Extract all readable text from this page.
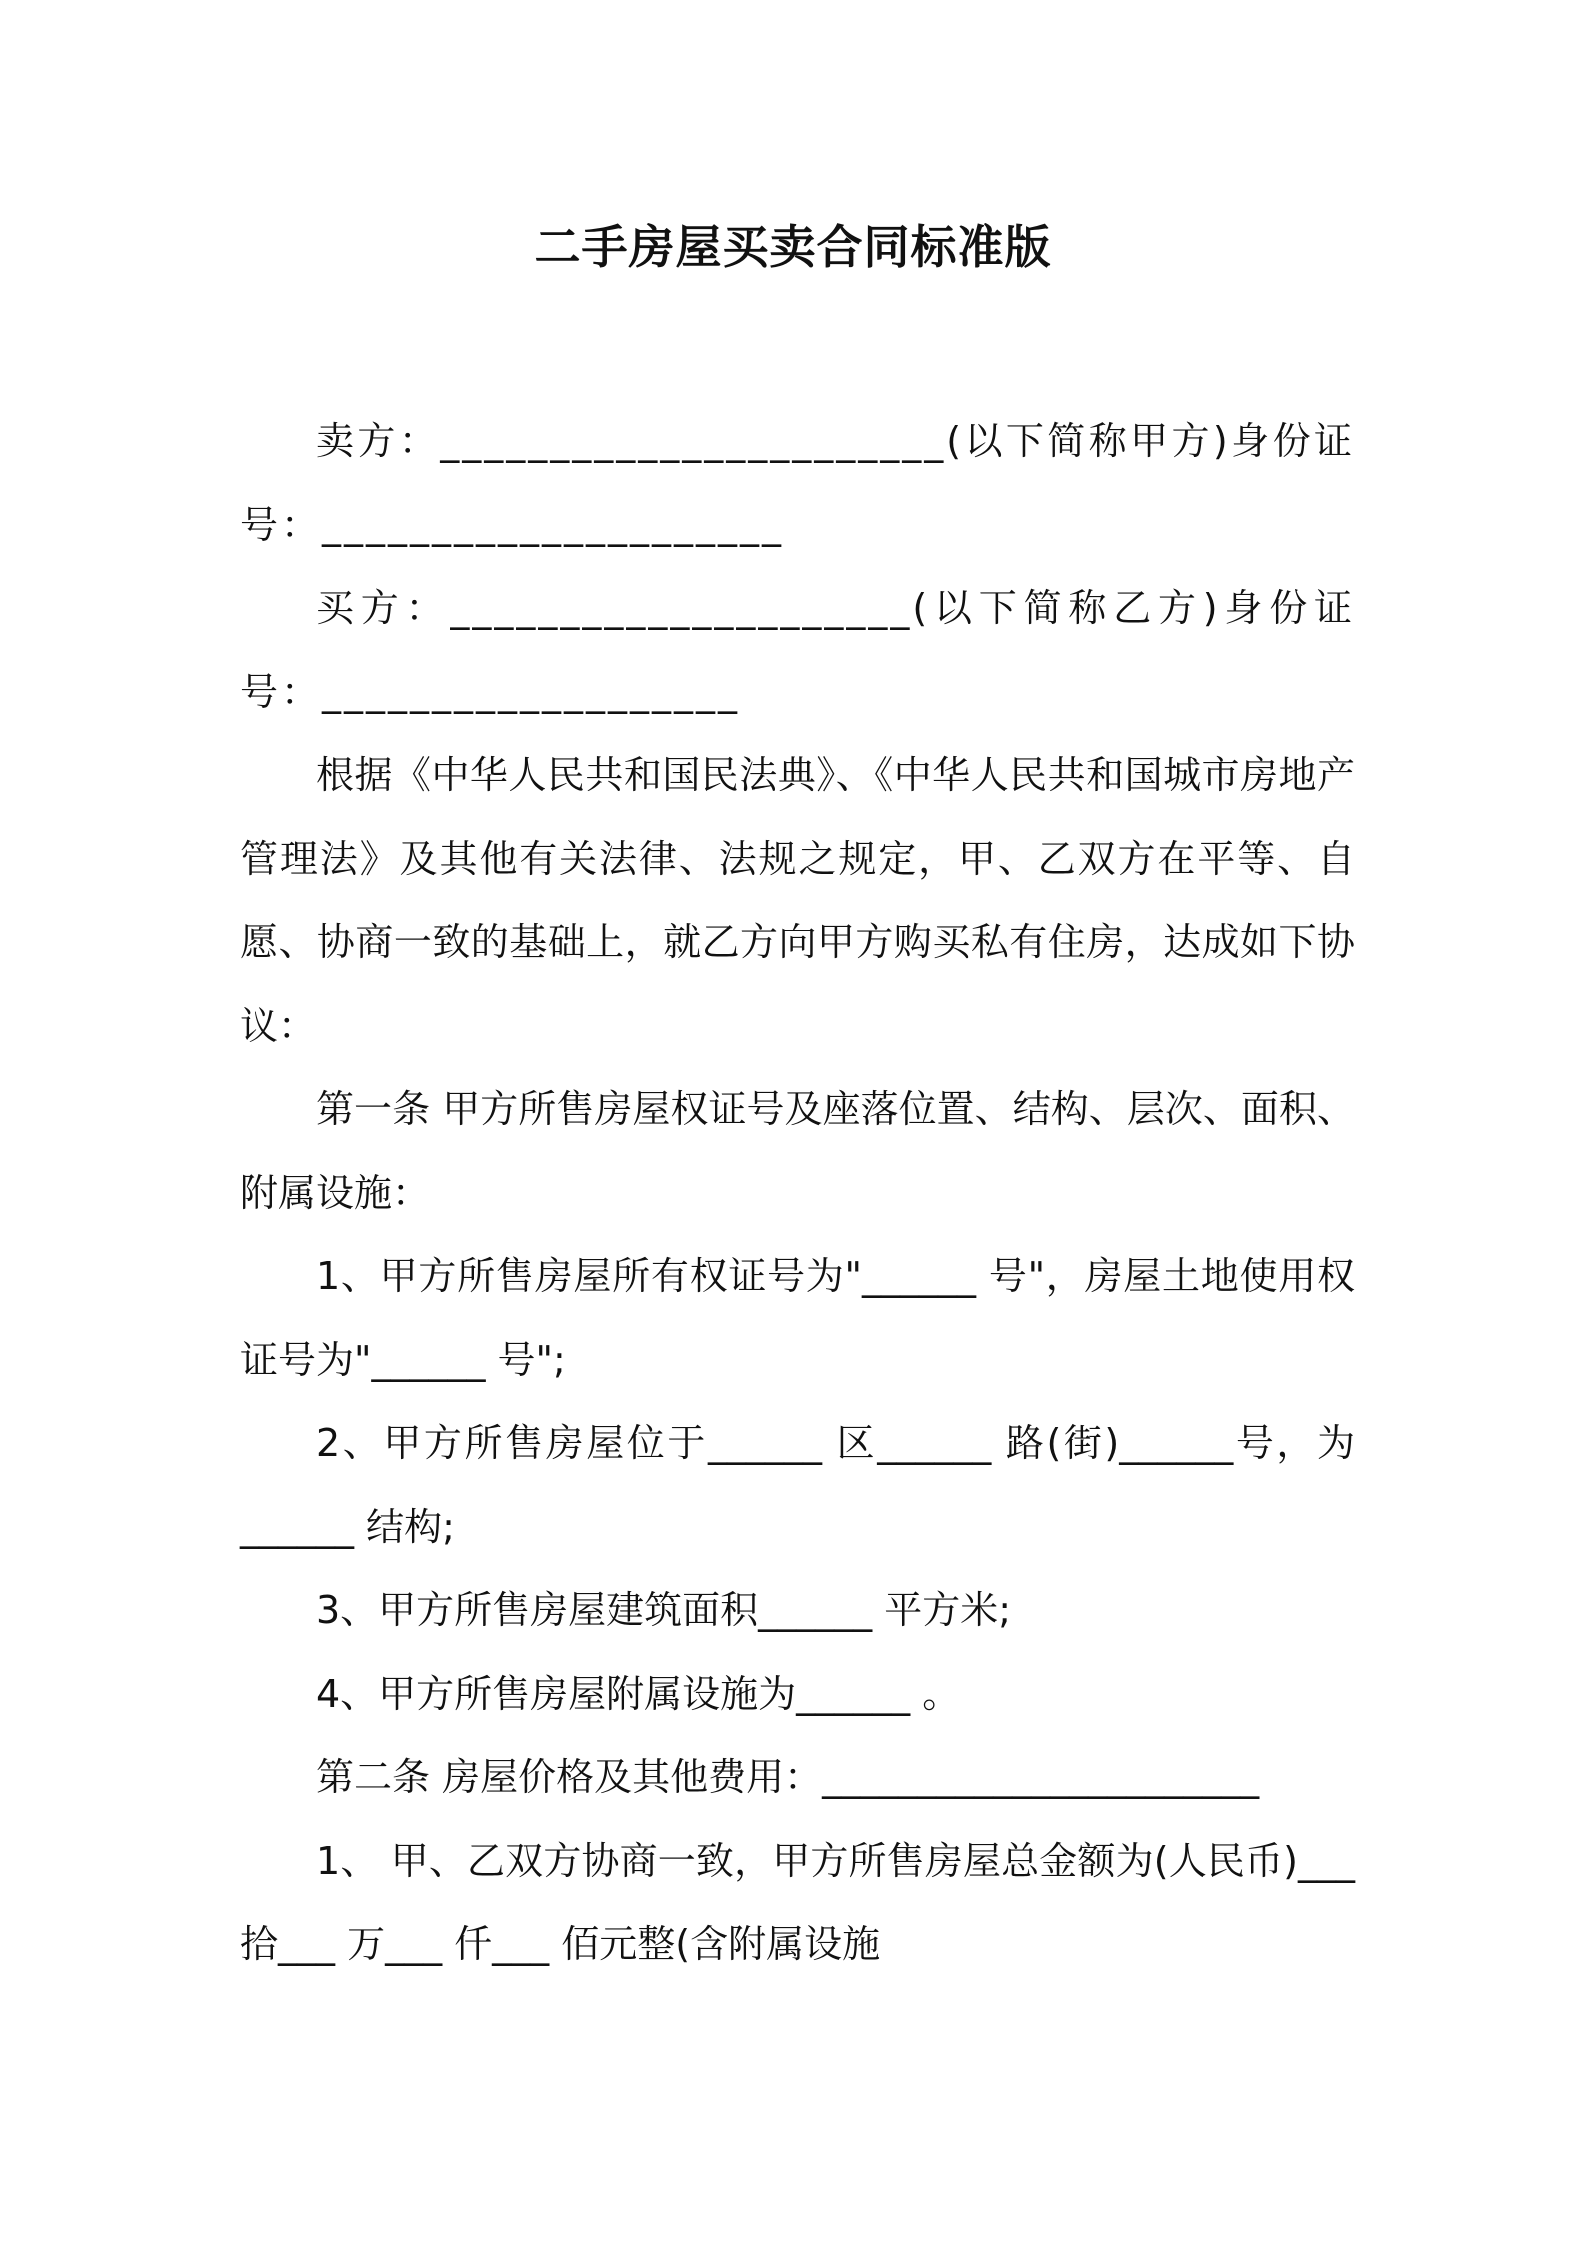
二手房屋买卖合同标准版

卖方：_______________________(以下简称甲方)身份证号：_____________________

买方：_____________________(以下简称乙方)身份证号：___________________

根据《中华人民共和国民法典》、《中华人民共和国城市房地产管理法》及其他有关法律、法规之规定，甲、乙双方在平等、自愿、协商一致的基础上，就乙方向甲方购买私有住房，达成如下协议：

第一条 甲方所售房屋权证号及座落位置、结构、层次、面积、附属设施：

1、甲方所售房屋所有权证号为"______ 号"，房屋土地使用权证号为"______ 号";

2、甲方所售房屋位于______ 区______ 路(街)______号，为______ 结构;

3、甲方所售房屋建筑面积______ 平方米;

4、甲方所售房屋附属设施为______ 。

第二条 房屋价格及其他费用：_______________________

1、 甲、乙双方协商一致，甲方所售房屋总金额为(人民币)___ 拾___ 万___ 仟___ 佰元整(含附属设施
